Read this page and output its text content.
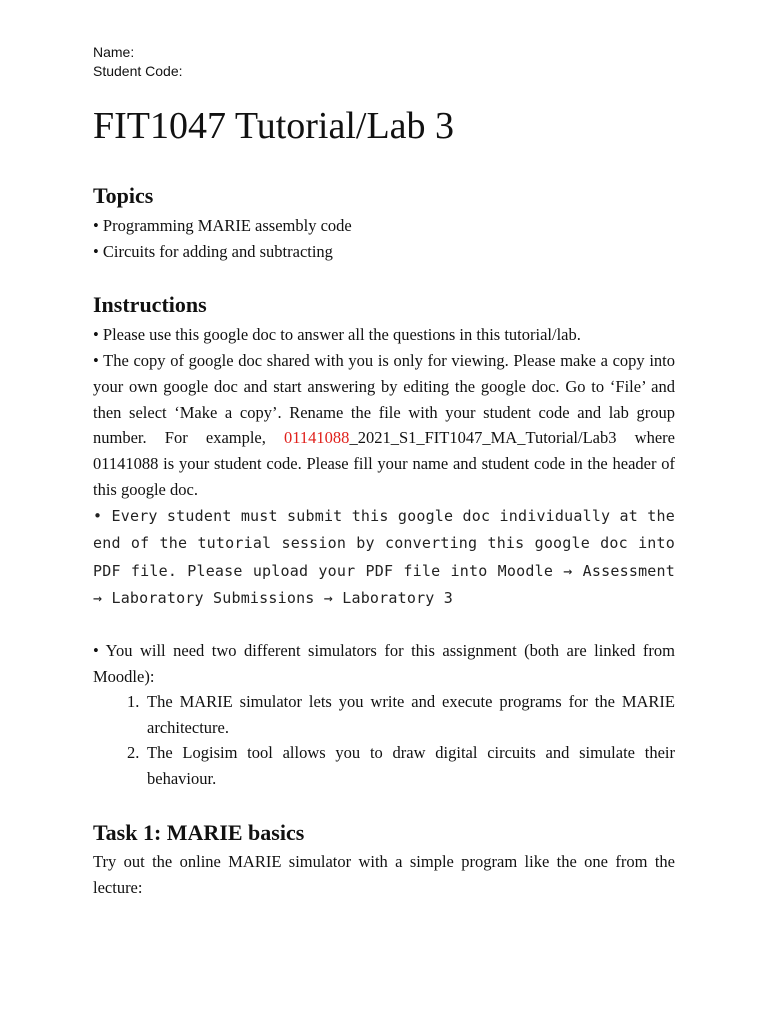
Name:
Student Code:
FIT1047 Tutorial/Lab 3
Topics
• Programming MARIE assembly code
• Circuits for adding and subtracting
Instructions
• Please use this google doc to answer all the questions in this tutorial/lab.
• The copy of google doc shared with you is only for viewing. Please make a copy into your own google doc and start answering by editing the google doc. Go to ‘File’ and then select ‘Make a copy’. Rename the file with your student code and lab group number. For example, 01141088_2021_S1_FIT1047_MA_Tutorial/Lab3 where 01141088 is your student code. Please fill your name and student code in the header of this google doc.
• Every student must submit this google doc individually at the end of the tutorial session by converting this google doc into PDF file. Please upload your PDF file into Moodle → Assessment → Laboratory Submissions → Laboratory 3
• You will need two different simulators for this assignment (both are linked from Moodle):
1. The MARIE simulator lets you write and execute programs for the MARIE architecture.
2. The Logisim tool allows you to draw digital circuits and simulate their behaviour.
Task 1: MARIE basics
Try out the online MARIE simulator with a simple program like the one from the lecture:
